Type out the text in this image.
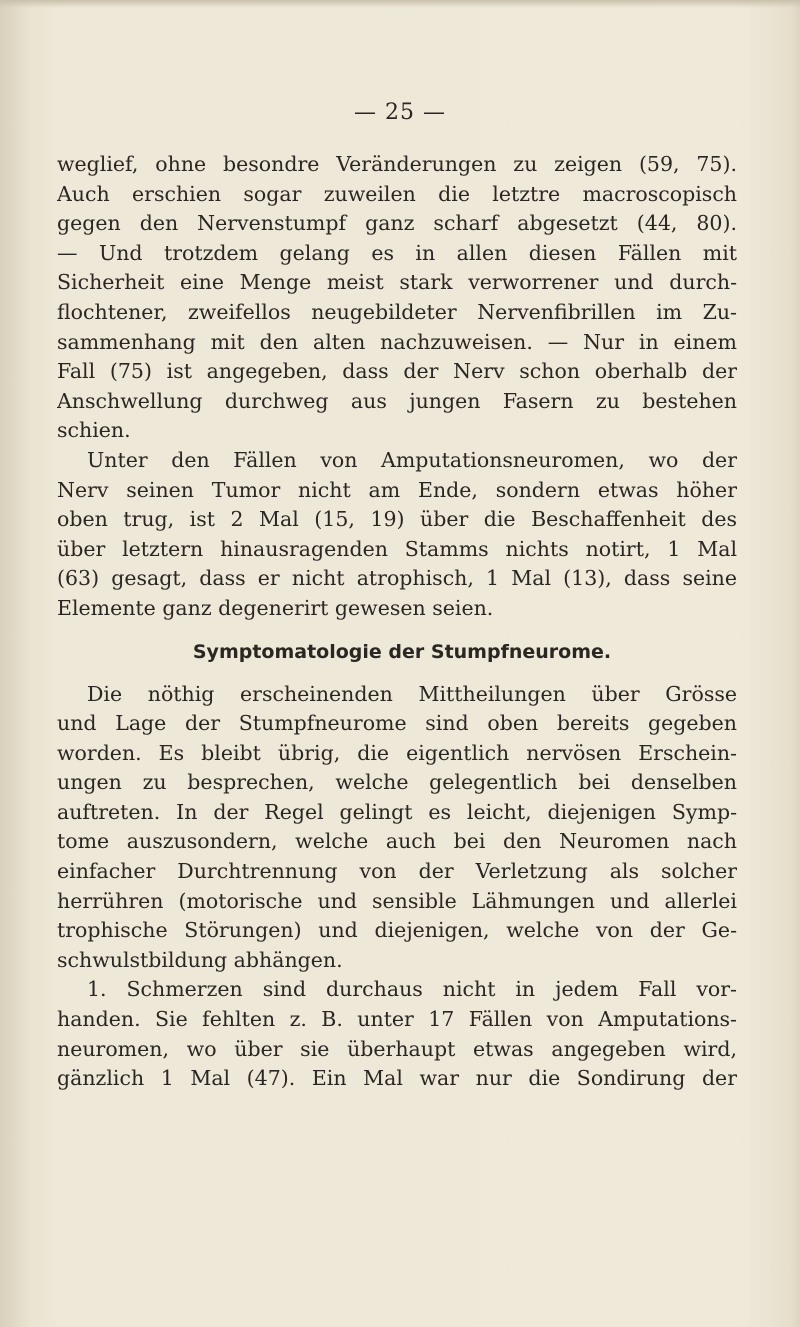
— 25 —
weglief, ohne besondre Veränderungen zu zeigen (59, 75).
Auch erschien sogar zuweilen die letztre macroscopisch
gegen den Nervenstumpf ganz scharf abgesetzt (44, 80).
— Und trotzdem gelang es in allen diesen Fällen mit
Sicherheit eine Menge meist stark verworrener und durch-
flochtener, zweifellos neugebildeter Nervenfibrillen im Zu-
sammenhang mit den alten nachzuweisen. — Nur in einem
Fall (75) ist angegeben, dass der Nerv schon oberhalb der
Anschwellung durchweg aus jungen Fasern zu bestehen
schien.
Unter den Fällen von Amputationsneuromen, wo der
Nerv seinen Tumor nicht am Ende, sondern etwas höher
oben trug, ist 2 Mal (15, 19) über die Beschaffenheit des
über letztern hinausragenden Stamms nichts notirt, 1 Mal
(63) gesagt, dass er nicht atrophisch, 1 Mal (13), dass seine
Elemente ganz degenerirt gewesen seien.
Symptomatologie der Stumpfneurome.
Die nöthig erscheinenden Mittheilungen über Grösse
und Lage der Stumpfneurome sind oben bereits gegeben
worden. Es bleibt übrig, die eigentlich nervösen Erschein-
ungen zu besprechen, welche gelegentlich bei denselben
auftreten. In der Regel gelingt es leicht, diejenigen Symp-
tome auszusondern, welche auch bei den Neuromen nach
einfacher Durchtrennung von der Verletzung als solcher
herrühren (motorische und sensible Lähmungen und allerlei
trophische Störungen) und diejenigen, welche von der Ge-
schwulstbildung abhängen.
1. Schmerzen sind durchaus nicht in jedem Fall vor-
handen. Sie fehlten z. B. unter 17 Fällen von Amputations-
neuromen, wo über sie überhaupt etwas angegeben wird,
gänzlich 1 Mal (47). Ein Mal war nur die Sondirung der
